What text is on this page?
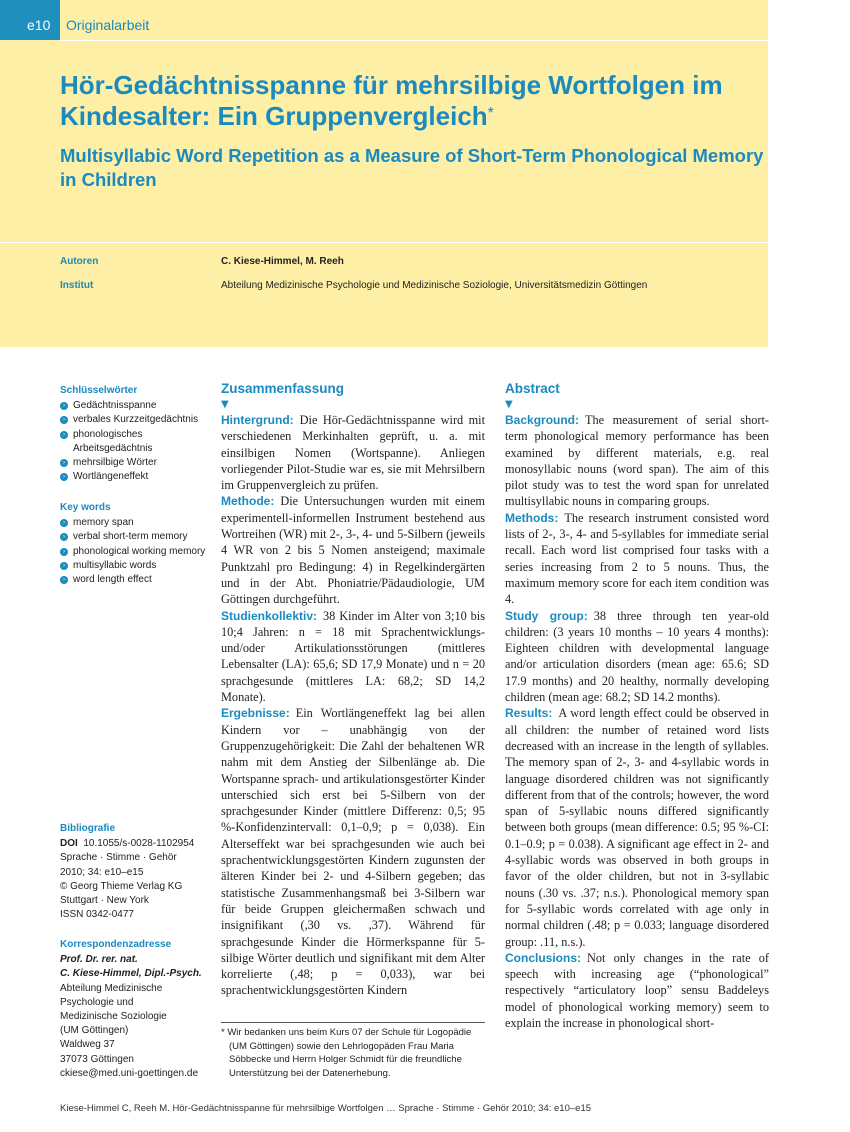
e10	Originalarbeit
Hör-Gedächtnisspanne für mehrsilbige Wortfolgen im Kindesalter: Ein Gruppenvergleich*
Multisyllabic Word Repetition as a Measure of Short-Term Phonological Memory in Children
Autoren	C. Kiese-Himmel, M. Reeh
Institut	Abteilung Medizinische Psychologie und Medizinische Soziologie, Universitätsmedizin Göttingen
Schlüsselwörter
› Gedächtnisspanne
› verbales Kurzzeitgedächtnis
› phonologisches Arbeitsgedächtnis
› mehrsilbige Wörter
› Wortlängeneffekt
Key words
› memory span
› verbal short-term memory
› phonological working memory
› multisyllabic words
› word length effect
Bibliografie
DOI 10.1055/s-0028-1102954
Sprache · Stimme · Gehör
2010; 34: e10–e15
© Georg Thieme Verlag KG
Stuttgart · New York
ISSN 0342-0477
Korrespondenzadresse
Prof. Dr. rer. nat.
C. Kiese-Himmel, Dipl.-Psych.
Abteilung Medizinische
Psychologie und
Medizinische Soziologie
(UM Göttingen)
Waldweg 37
37073 Göttingen
ckiese@med.uni-goettingen.de
Zusammenfassung
▼

Hintergrund: Die Hör-Gedächtnisspanne wird mit verschiedenen Merkinhalten geprüft, u. a. mit einsilbigen Nomen (Wortspanne). Anliegen vorliegender Pilot-Studie war es, sie mit Mehrsilbern im Gruppenvergleich zu prüfen.

Methode: Die Untersuchungen wurden mit einem experimentell-informellen Instrument bestehend aus Wortreihen (WR) mit 2-, 3-, 4- und 5-Silbern (jeweils 4 WR von 2 bis 5 Nomen ansteigend; maximale Punktzahl pro Bedingung: 4) in Regelkindergärten und in der Abt. Phoniatrie/Pädaudiologie, UM Göttingen durchgeführt.

Studienkollektiv: 38 Kinder im Alter von 3;10 bis 10;4 Jahren: n = 18 mit Sprachentwicklungs- und/oder Artikulationsstörungen (mittleres Lebensalter (LA): 65,6; SD 17,9 Monate) und n = 20 sprachgesunde (mittleres LA: 68,2; SD 14,2 Monate).

Ergebnisse: Ein Wortlängeneffekt lag bei allen Kindern vor – unabhängig von der Gruppenzugehörigkeit: Die Zahl der behaltenen WR nahm mit dem Anstieg der Silbenlänge ab. Die Wortspanne sprach- und artikulationsgestörter Kinder unterschied sich erst bei 5-Silbern von der sprachgesunder Kinder (mittlere Differenz: 0,5; 95 %-Konfidenzintervall: 0,1–0,9; p = 0,038). Ein Alterseffekt war bei sprachgesunden wie auch bei sprachentwicklungsgestörten Kindern zugunsten der älteren Kinder bei 2- und 4-Silbern gegeben; das statistische Zusammenhangsmaß bei 3-Silbern war für beide Gruppen gleichermaßen schwach und insignifikant (,30 vs. ,37). Während für sprachgesunde Kinder die Hörmerkspanne für 5-silbige Wörter deutlich und signifikant mit dem Alter korrelierte (,48; p = 0,033), war bei sprachentwicklungsgestörten Kindern

Abstract
▼

Background: The measurement of serial short-term phonological memory performance has been examined by different materials, e.g. real monosyllabic nouns (word span). The aim of this pilot study was to test the word span for unrelated multisyllabic nouns in comparing groups.

Methods: The research instrument consisted word lists of 2-, 3-, 4- and 5-syllables for immediate serial recall. Each word list comprised four tasks with a series increasing from 2 to 5 nouns. Thus, the maximum memory score for each item condition was 4.

Study group: 38 three through ten year-old children: (3 years 10 months – 10 years 4 months): Eighteen children with developmental language and/or articulation disorders (mean age: 65.6; SD 17.9 months) and 20 healthy, normally developing children (mean age: 68.2; SD 14.2 months).

Results: A word length effect could be observed in all children: the number of retained word lists decreased with an increase in the length of syllables. The memory span of 2-, 3- and 4-syllabic words in language disordered children was not significantly different from that of the controls; however, the word span of 5-syllabic nouns differed significantly between both groups (mean difference: 0.5; 95 %-CI: 0.1–0.9; p = 0.038). A significant age effect in 2- and 4-syllabic words was observed in both groups in favor of the older children, but not in 3-syllabic nouns (.30 vs. .37; n.s.). Phonological memory span for 5-syllabic words correlated with age only in normal children (.48; p = 0.033; language disordered group: .11, n.s.).

Conclusions: Not only changes in the rate of speech with increasing age (“phonological” respectively “articulatory loop” sensu Baddeleys model of phonological working memory) seem to explain the increase in phonological short-

* Wir bedanken uns beim Kurs 07 der Schule für Logopädie (UM Göttingen) sowie den Lehrlogopäden Frau Maria Söbbecke und Herrn Holger Schmidt für die freundliche Unterstützung bei der Datenerhebung.
Kiese-Himmel C, Reeh M. Hör-Gedächtnisspanne für mehrsilbige Wortfolgen … Sprache · Stimme · Gehör 2010; 34: e10–e15
